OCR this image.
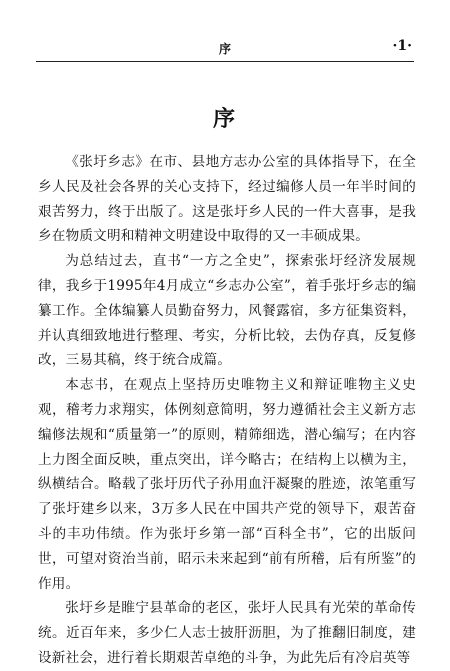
序	·1·
序

《张圩乡志》在市、县地方志办公室的具体指导下，在全乡人民及社会各界的关心支持下，经过编修人员一年半时间的艰苦努力，终于出版了。这是张圩乡人民的一件大喜事，是我乡在物质文明和精神文明建设中取得的又一丰硕成果。

为总结过去，直书“一方之全史”，探索张圩经济发展规律，我乡于1995年4月成立“乡志办公室”，着手张圩乡志的编纂工作。全体编纂人员勤奋努力，风餐露宿，多方征集资料，并认真细致地进行整理、考实，分析比较，去伪存真，反复修改，三易其稿，终于统合成篇。

本志书，在观点上坚持历史唯物主义和辩证唯物主义史观，稽考力求翔实，体例刻意简明，努力遵循社会主义新方志编修法规和“质量第一”的原则，精筛细选，潜心编写；在内容上力图全面反映，重点突出，详今略古；在结构上以横为主，纵横结合。略载了张圩历代子孙用血汗凝聚的胜迹，浓笔重写了张圩建乡以来，3万多人民在中国共产党的领导下，艰苦奋斗的丰功伟绩。作为张圩乡第一部“百科全书”，它的出版问世，可望对资治当前，昭示未来起到“前有所稽，后有所鉴”的作用。

张圩乡是睢宁县革命的老区，张圩人民具有光荣的革命传统。近百年来，多少仁人志士披肝沥胆，为了推翻旧制度，建设新社会，进行着长期艰苦卓绝的斗争，为此先后有冷启英等
